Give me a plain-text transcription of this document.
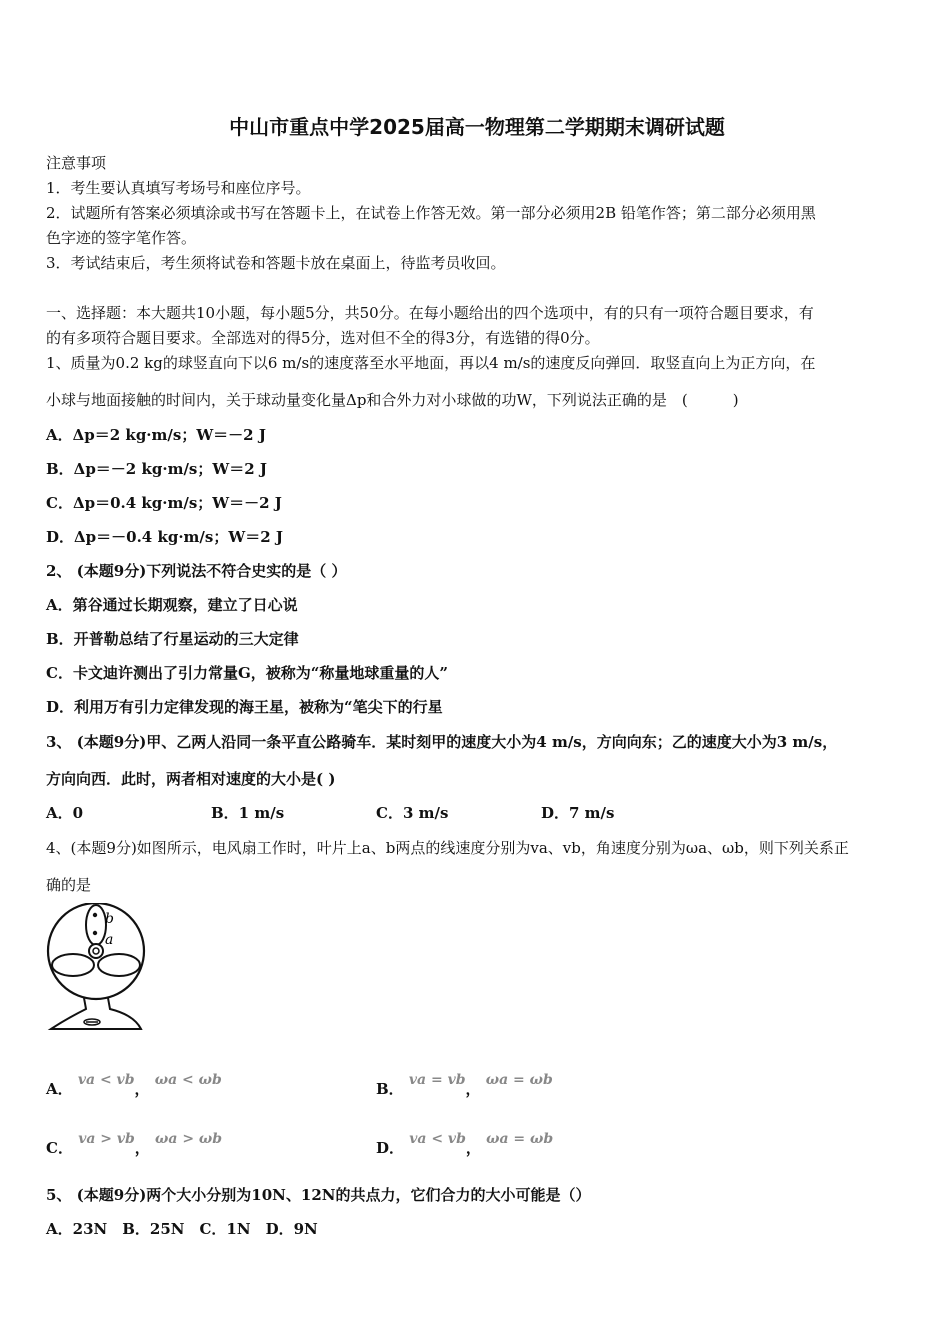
中山市重点中学2025届高一物理第二学期期末调研试题
注意事项
1．考生要认真填写考场号和座位序号。
2．试题所有答案必须填涂或书写在答题卡上，在试卷上作答无效。第一部分必须用2B 铅笔作答；第二部分必须用黑
色字迹的签字笔作答。
3．考试结束后，考生须将试卷和答题卡放在桌面上，待监考员收回。
一、选择题：本大题共10小题，每小题5分，共50分。在每小题给出的四个选项中，有的只有一项符合题目要求，有
的有多项符合题目要求。全部选对的得5分，选对但不全的得3分，有选错的得0分。
1、质量为0.2 kg的球竖直向下以6 m/s的速度落至水平地面，再以4 m/s的速度反向弹回．取竖直向上为正方向，在
小球与地面接触的时间内，关于球动量变化量Δp和合外力对小球做的功W，下列说法正确的是　(　　　)
A．Δp＝2 kg·m/s；W＝－2 J
B．Δp＝－2 kg·m/s；W＝2 J
C．Δp＝0.4 kg·m/s；W＝－2 J
D．Δp＝－0.4 kg·m/s；W＝2 J
2、 (本题9分)下列说法不符合史实的是（ ）
A．第谷通过长期观察，建立了日心说
B．开普勒总结了行星运动的三大定律
C．卡文迪许测出了引力常量G，被称为“称量地球重量的人”
D．利用万有引力定律发现的海王星，被称为“笔尖下的行星
3、 (本题9分)甲、乙两人沿同一条平直公路骑车．某时刻甲的速度大小为4 m/s，方向向东；乙的速度大小为3 m/s，
方向向西．此时，两者相对速度的大小是( )
A．0	B．1 m/s	C．3 m/s	D．7 m/s
4、(本题9分)如图所示，电风扇工作时，叶片上a、b两点的线速度分别为va、vb，角速度分别为ωa、ωb，则下列关系正
确的是
b
a
A． va < vb， ωa < ωb	B． va = vb， ωa = ωb
C． va > vb， ωa > ωb	D． va < vb， ωa = ωb
5、 (本题9分)两个大小分别为10N、12N的共点力，它们合力的大小可能是（）
A．23N　B．25N　C．1N　D．9N
